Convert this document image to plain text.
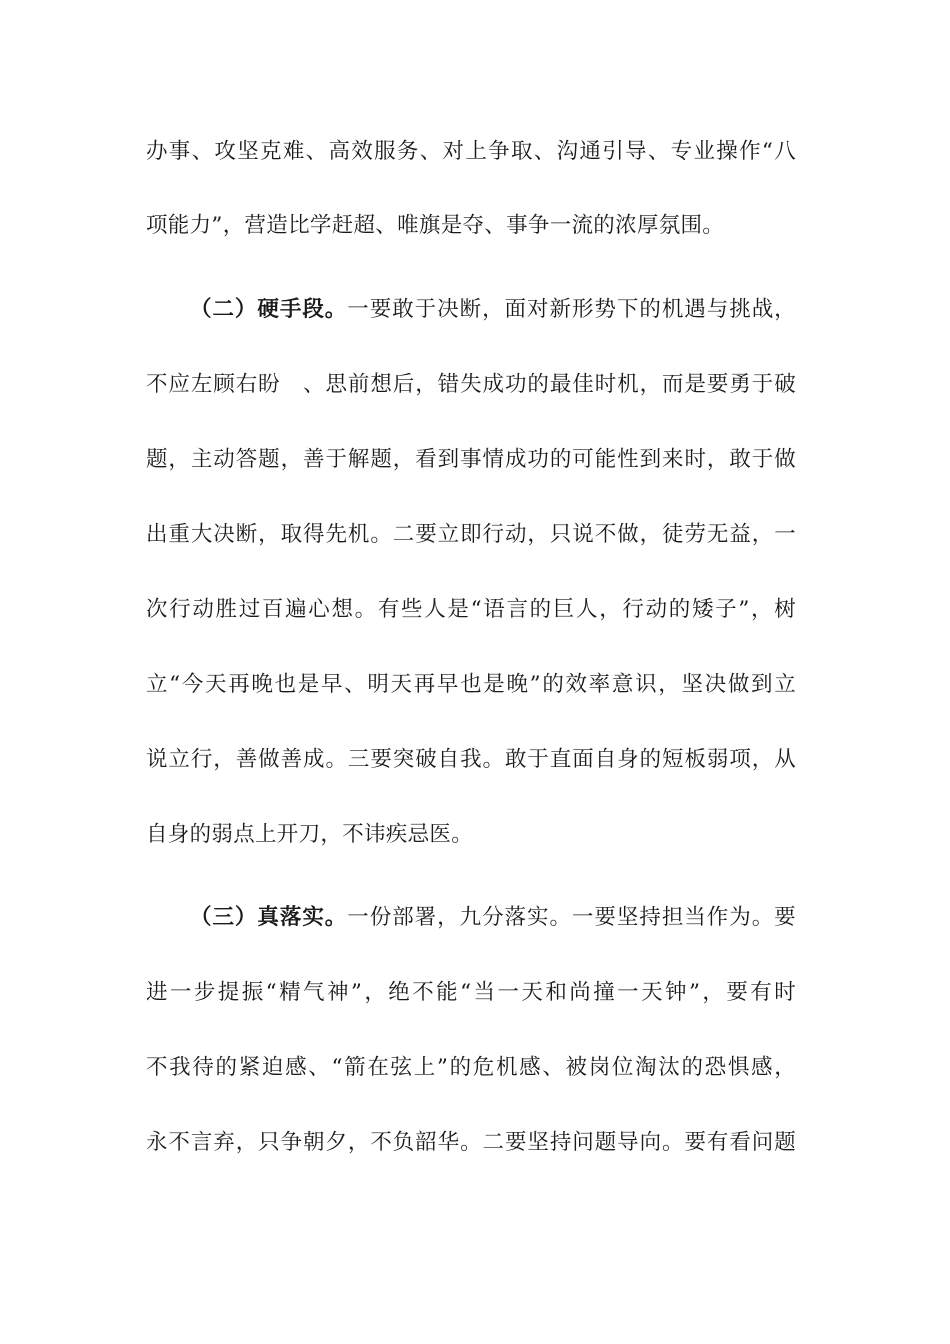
办事、攻坚克难、高效服务、对上争取、沟通引导、专业操作“八
项能力”，营造比学赶超、唯旗是夺、事争一流的浓厚氛围。
（二）硬手段。一要敢于决断，面对新形势下的机遇与挑战，
不应左顾右盼　、思前想后，错失成功的最佳时机，而是要勇于破
题，主动答题，善于解题，看到事情成功的可能性到来时，敢于做
出重大决断，取得先机。二要立即行动，只说不做，徒劳无益，一
次行动胜过百遍心想。有些人是“语言的巨人，行动的矮子”，树
立“今天再晚也是早、明天再早也是晚”的效率意识，坚决做到立
说立行，善做善成。三要突破自我。敢于直面自身的短板弱项，从
自身的弱点上开刀，不讳疾忌医。
（三）真落实。一份部署，九分落实。一要坚持担当作为。要
进一步提振“精气神”，绝不能“当一天和尚撞一天钟”，要有时
不我待的紧迫感、“箭在弦上”的危机感、被岗位淘汰的恐惧感，
永不言弃，只争朝夕，不负韶华。二要坚持问题导向。要有看问题
